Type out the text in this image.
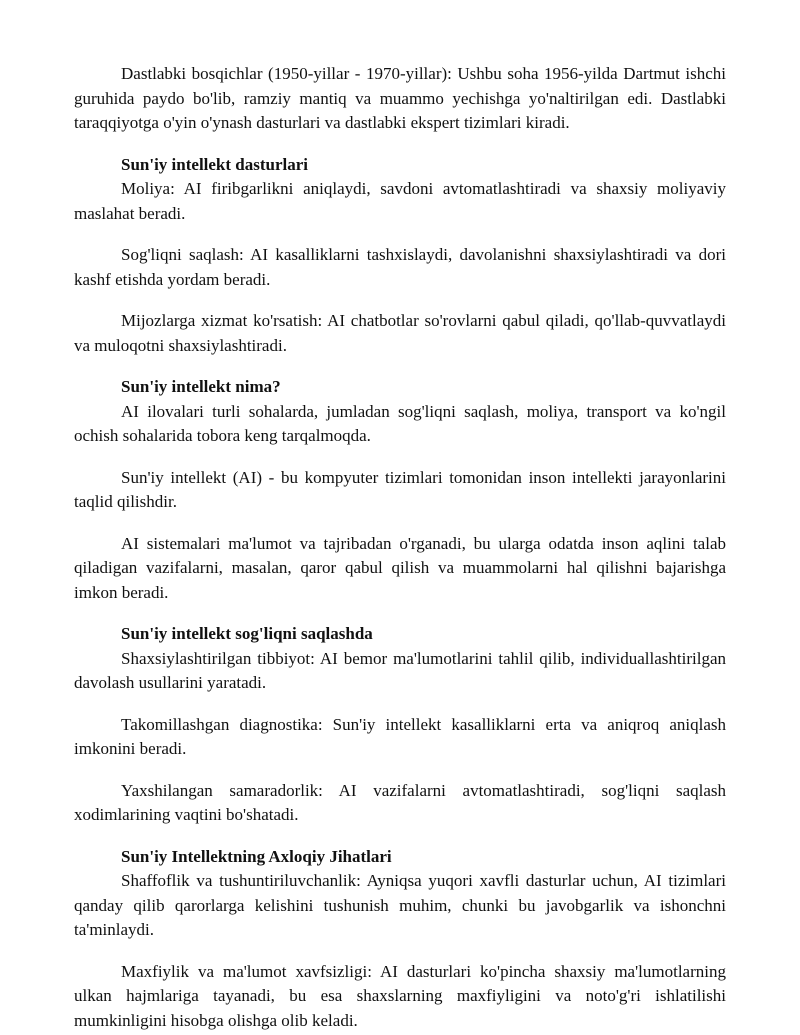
Dastlabki bosqichlar (1950-yillar - 1970-yillar): Ushbu soha 1956-yilda Dartmut ishchi guruhida paydo bo'lib, ramziy mantiq va muammo yechishga yo'naltirilgan edi. Dastlabki taraqqiyotga o'yin o'ynash dasturlari va dastlabki ekspert tizimlari kiradi.

Sun'iy intellekt dasturlari

Moliya: AI firibgarlikni aniqlaydi, savdoni avtomatlashtiradi va shaxsiy moliyaviy maslahat beradi.

Sog'liqni saqlash: AI kasalliklarni tashxislaydi, davolanishni shaxsiylashtiradi va dori kashf etishda yordam beradi.

Mijozlarga xizmat ko'rsatish: AI chatbotlar so'rovlarni qabul qiladi, qo'llab-quvvatlaydi va muloqotni shaxsiylashtiradi.

Sun'iy intellekt nima?

AI ilovalari turli sohalarda, jumladan sog'liqni saqlash, moliya, transport va ko'ngil ochish sohalarida tobora keng tarqalmoqda.

Sun'iy intellekt (AI) - bu kompyuter tizimlari tomonidan inson intellekti jarayonlarini taqlid qilishdir.

AI sistemalari ma'lumot va tajribadan o'rganadi, bu ularga odatda inson aqlini talab qiladigan vazifalarni, masalan, qaror qabul qilish va muammolarni hal qilishni bajarishga imkon beradi.

Sun'iy intellekt sog'liqni saqlashda

Shaxsiylashtirilgan tibbiyot: AI bemor ma'lumotlarini tahlil qilib, individuallashtirilgan davolash usullarini yaratadi.

Takomillashgan diagnostika: Sun'iy intellekt kasalliklarni erta va aniqroq aniqlash imkonini beradi.

Yaxshilangan samaradorlik: AI vazifalarni avtomatlashtiradi, sog'liqni saqlash xodimlarining vaqtini bo'shatadi.

Sun'iy Intellektning Axloqiy Jihatlari

Shaffoflik va tushuntiriluvchanlik: Ayniqsa yuqori xavfli dasturlar uchun, AI tizimlari qanday qilib qarorlarga kelishini tushunish muhim, chunki bu javobgarlik va ishonchni ta'minlaydi.

Maxfiylik va ma'lumot xavfsizligi: AI dasturlari ko'pincha shaxsiy ma'lumotlarning ulkan hajmlariga tayanadi, bu esa shaxslarning maxfiyligini va noto'g'ri ishlatilishi mumkinligini hisobga olishga olib keladi.
